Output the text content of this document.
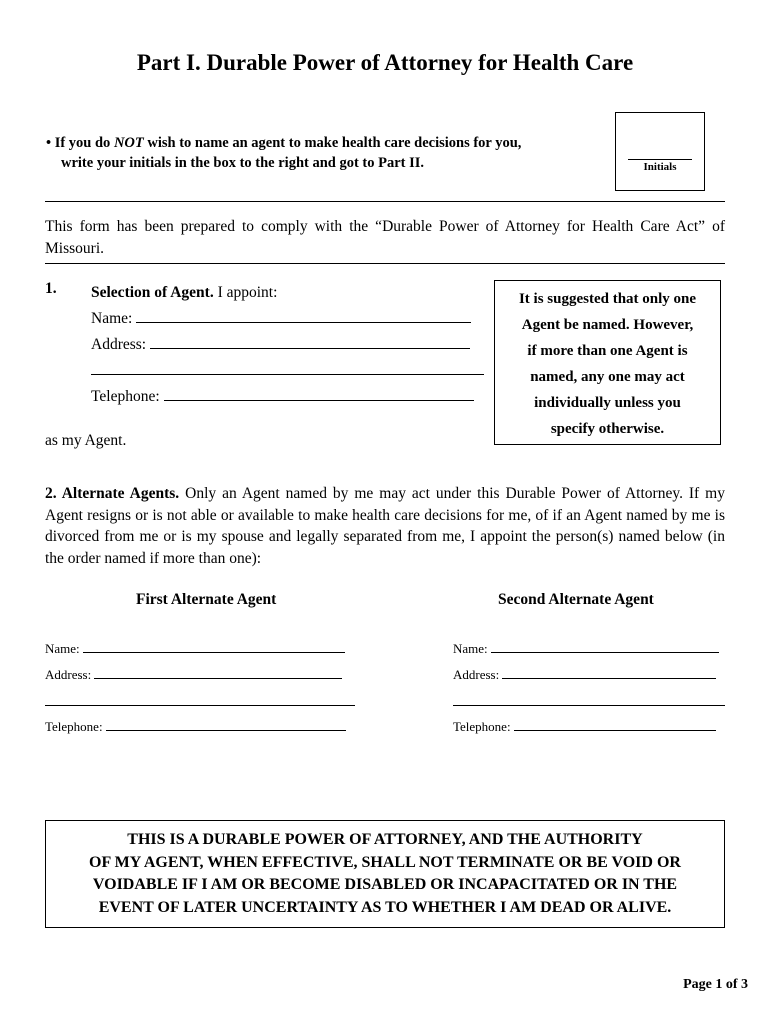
Part I. Durable Power of Attorney for Health Care
• If you do NOT wish to name an agent to make health care decisions for you,
write your initials in the box to the right and got to Part II.	Initials
This form has been prepared to comply with the “Durable Power of Attorney for Health Care Act” of Missouri.
1. Selection of Agent. I appoint:
Name:
Address:
Telephone:
It is suggested that only one
Agent be named. However,
if more than one Agent is
named, any one may act
individually unless you
specify otherwise.
as my Agent.
2. Alternate Agents. Only an Agent named by me may act under this Durable Power of Attorney. If my Agent resigns or is not able or available to make health care decisions for me, of if an Agent named by me is divorced from me or is my spouse and legally separated from me, I appoint the person(s) named below (in the order named if more than one):
First Alternate Agent	Second Alternate Agent
Name:
Address:
Telephone:
Name:
Address:
Telephone:
THIS IS A DURABLE POWER OF ATTORNEY, AND THE AUTHORITY
OF MY AGENT, WHEN EFFECTIVE, SHALL NOT TERMINATE OR BE VOID OR
VOIDABLE IF I AM OR BECOME DISABLED OR INCAPACITATED OR IN THE
EVENT OF LATER UNCERTAINTY AS TO WHETHER I AM DEAD OR ALIVE.
Page 1 of 3
